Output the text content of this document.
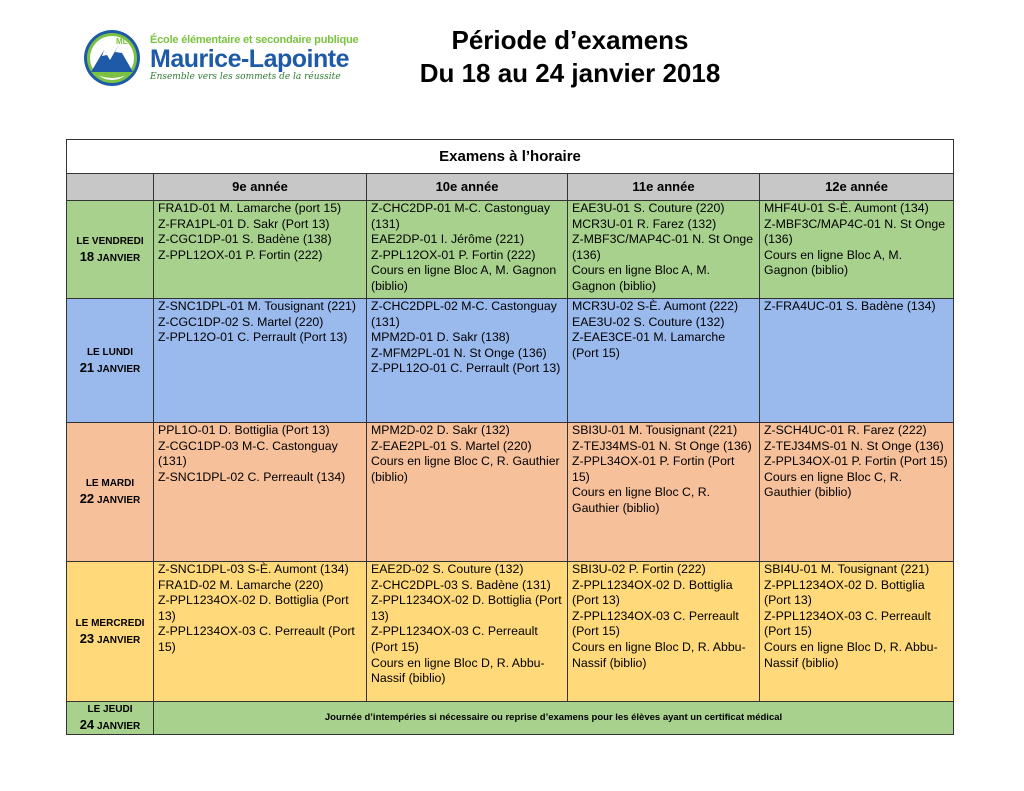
ML École élémentaire et secondaire publique
Maurice-Lapointe
Ensemble vers les sommets de la réussite
Période d’examens
Du 18 au 24 janvier 2018
Examens à l’horaire				
	9e année	10e année	11e année	12e année

LE VENDREDI
18 JANVIER	FRA1D-01 M. Lamarche (port 15)
Z-FRA1PL-01 D. Sakr (Port 13)
Z-CGC1DP-01 S. Badène (138)
Z-PPL12OX-01 P. Fortin (222)	Z-CHC2DP-01 M-C. Castonguay (131)
EAE2DP-01 I. Jérôme (221)
Z-PPL12OX-01 P. Fortin (222)
Cours en ligne Bloc A, M. Gagnon (biblio)	EAE3U-01 S. Couture (220)
MCR3U-01 R. Farez (132)
Z-MBF3C/MAP4C-01 N. St Onge (136)
Cours en ligne Bloc A, M. Gagnon (biblio)	MHF4U-01 S-È. Aumont (134)
Z-MBF3C/MAP4C-01 N. St Onge (136)
Cours en ligne Bloc A, M. Gagnon (biblio)

LE LUNDI
21 JANVIER	Z-SNC1DPL-01 M. Tousignant (221)
Z-CGC1DP-02 S. Martel (220)
Z-PPL12O-01 C. Perrault (Port 13)	Z-CHC2DPL-02 M-C. Castonguay (131)
MPM2D-01 D. Sakr (138)
Z-MFM2PL-01 N. St Onge (136)
Z-PPL12O-01 C. Perrault (Port 13)	MCR3U-02 S-È. Aumont (222)
EAE3U-02 S. Couture (132)
Z-EAE3CE-01 M. Lamarche (Port 15)	Z-FRA4UC-01 S. Badène (134)

LE MARDI
22 JANVIER	PPL1O-01 D. Bottiglia (Port 13)
Z-CGC1DP-03 M-C. Castonguay (131)
Z-SNC1DPL-02 C. Perreault (134)	MPM2D-02 D. Sakr (132)
Z-EAE2PL-01 S. Martel (220)
Cours en ligne Bloc C, R. Gauthier (biblio)	SBI3U-01 M. Tousignant (221)
Z-TEJ34MS-01 N. St Onge (136)
Z-PPL34OX-01 P. Fortin (Port 15)
Cours en ligne Bloc C, R. Gauthier (biblio)	Z-SCH4UC-01 R. Farez (222)
Z-TEJ34MS-01 N. St Onge (136)
Z-PPL34OX-01 P. Fortin (Port 15)
Cours en ligne Bloc C, R. Gauthier (biblio)

LE MERCREDI
23 JANVIER	Z-SNC1DPL-03 S-È. Aumont (134)
FRA1D-02 M. Lamarche (220)
Z-PPL1234OX-02 D. Bottiglia (Port 13)
Z-PPL1234OX-03 C. Perreault (Port 15)	EAE2D-02 S. Couture (132)
Z-CHC2DPL-03 S. Badène (131)
Z-PPL1234OX-02 D. Bottiglia (Port 13)
Z-PPL1234OX-03 C. Perreault (Port 15)
Cours en ligne Bloc D, R. Abbu-Nassif (biblio)	SBI3U-02 P. Fortin (222)
Z-PPL1234OX-02 D. Bottiglia (Port 13)
Z-PPL1234OX-03 C. Perreault (Port 15)
Cours en ligne Bloc D, R. Abbu-Nassif (biblio)	SBI4U-01 M. Tousignant (221)
Z-PPL1234OX-02 D. Bottiglia (Port 13)
Z-PPL1234OX-03 C. Perreault (Port 15)
Cours en ligne Bloc D, R. Abbu-Nassif (biblio)

LE JEUDI
24 JANVIER	Journée d’intempéries si nécessaire ou reprise d’examens pour les élèves ayant un certificat médical			
